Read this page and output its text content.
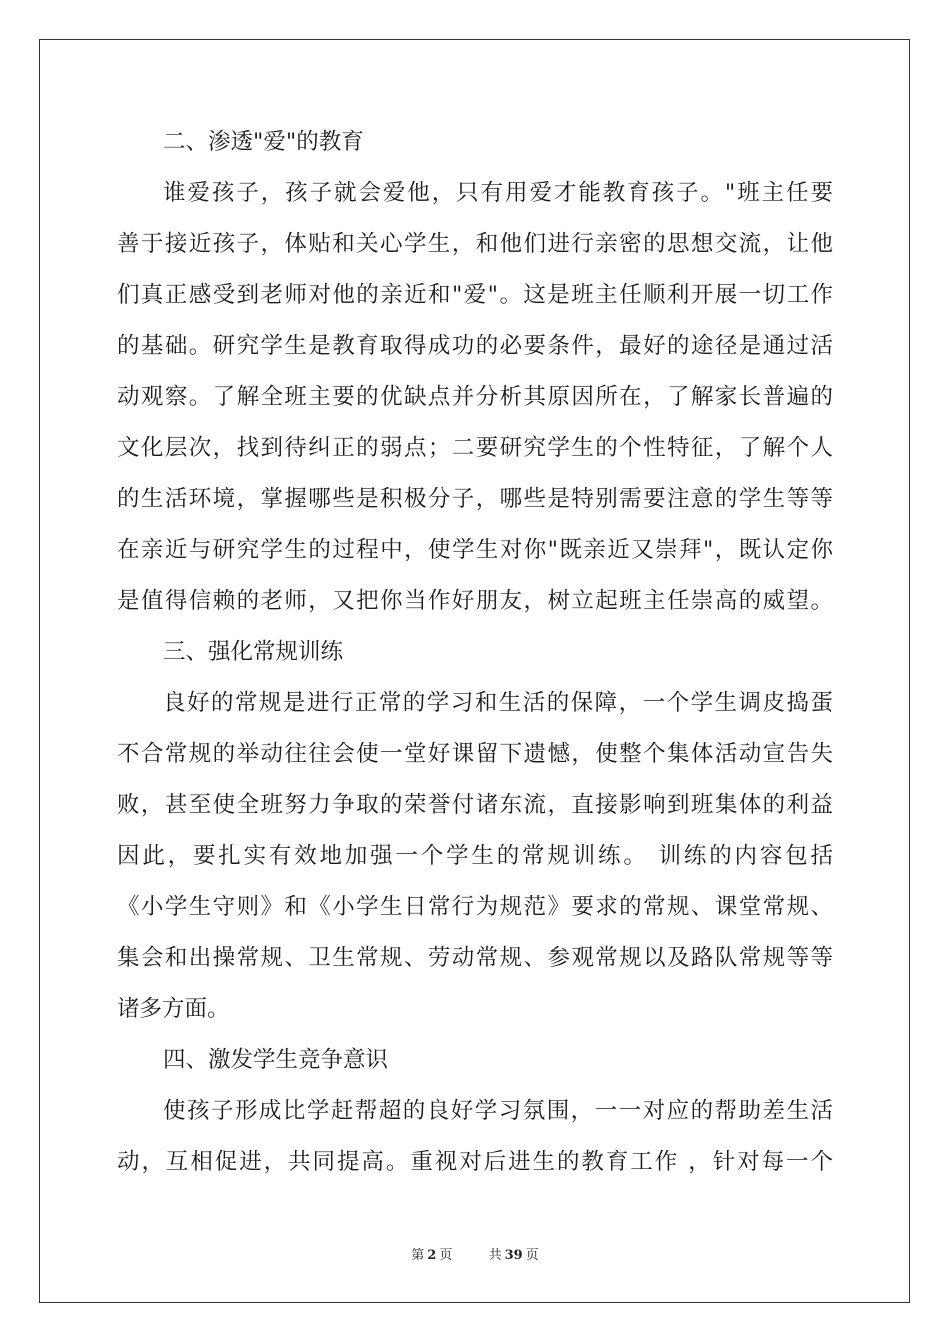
二、渗透"爱"的教育
谁爱孩子，孩子就会爱他，只有用爱才能教育孩子。"班主任要
善于接近孩子，体贴和关心学生，和他们进行亲密的思想交流，让他
们真正感受到老师对他的亲近和"爱"。这是班主任顺利开展一切工作
的基础。研究学生是教育取得成功的必要条件，最好的途径是通过活
动观察。了解全班主要的优缺点并分析其原因所在，了解家长普遍的
文化层次，找到待纠正的弱点；二要研究学生的个性特征，了解个人
的生活环境，掌握哪些是积极分子，哪些是特别需要注意的学生等等
在亲近与研究学生的过程中，使学生对你"既亲近又崇拜"，既认定你
是值得信赖的老师，又把你当作好朋友，树立起班主任崇高的威望。
三、强化常规训练
良好的常规是进行正常的学习和生活的保障，一个学生调皮捣蛋
不合常规的举动往往会使一堂好课留下遗憾，使整个集体活动宣告失
败，甚至使全班努力争取的荣誉付诸东流，直接影响到班集体的利益
因此，要扎实有效地加强一个学生的常规训练。 训练的内容包括
《小学生守则》和《小学生日常行为规范》要求的常规、课堂常规、
集会和出操常规、卫生常规、劳动常规、参观常规以及路队常规等等
诸多方面。
四、激发学生竞争意识
使孩子形成比学赶帮超的良好学习氛围，一一对应的帮助差生活
动，互相促进，共同提高。重视对后进生的教育工作 ，针对每一个
第 2 页	共 39 页
